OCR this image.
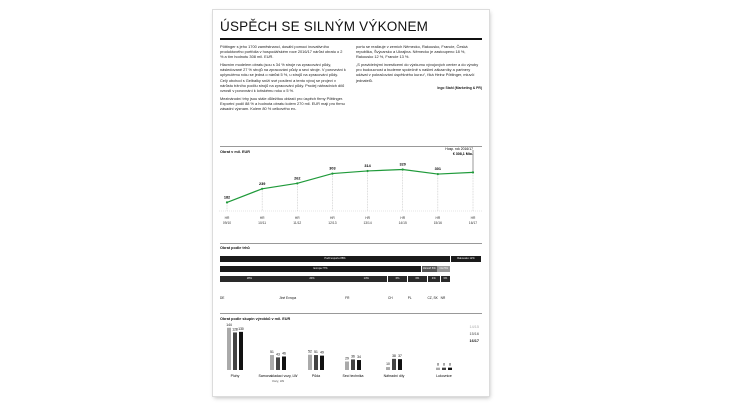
ÚSPĚCH SE SILNÝM VÝKONEM

Pöttinger s jeho 1700 zaměstnanci, dosáhl pomocí inovativního produktového portfolia v hospodářském roce 2016/17 nárůst obratu o 2 % a tím hodnotu 308 mil. EUR.

Hlavním modelem obratu jsou s 34 % stroje na zpracování půdy, následované 27 % strojů na zpracování půdy a secí stroje. V porovnání k uplynulému roku se jedná o nárůst 5 %, u strojů na zpracování půdy. Celý obchod s Gelbalky sníží své posílení a tento vývoj se projeví v nárůstu tržního podílu strojů na zpracování půdy. Prodej náhradních dílů vzrostl v porovnání k loňskému roku o 5 %.

Mezinárodní trhy jsou stále důležitou oblastí pro úspěch firmy Pöttinger. Exportní podíl 88 % a hodnota obratu kolem 270 mil. EUR mají pro firmu zásadní význam. Kolem 80 % celkového ex-

portu se realizuje v zemích Německo, Rakousko, Francie, Česká republika, Švýcarsko a Ukrajina. Německo je zastoupeno 18 %, Rakousko 12 %, Francie 13 %.

„S pravidelnými investicemi do výzkumu vývojových center a do výroby pro budoucnost a budeme společně s našimi zákazníky a partnery udávat v pokračování úspěšného kurzu“, říká Heinz Pöttinger, mluvčí jednatelů.

Ingo Stahl (Marketing & PR)
Obrat v mil. EUR
182
HR
09/10
239
HR
10/11
262
HR
11/12
303
HR
12/13
314
HR
13/14
320
HR
14/15
301
HR
15/16
HR
16/17
Hosp. rok 2016/17
€ 308,1 Mio.
Obrat podle trhů
Podíl exportu 88%	Rakousko 12%
Evropa 77%	Zámoří 6%	Ost 5%
18%	20%	13%	6%	6%	4%	3%
DE	Jiné Evropa	FR	CH	PL	CZ, SK NR
Obrat podle skupin výrobků v mil. EUR
144
128 130
Pluhy
51
43 46
Samonakladací vozy, LW
Vozy, LW
52 51 49
Půda
29
36 34
Secí technika
10
38 37
Náhradní díly
8 8 8
Lukovnice
14/15
15/16
16/17
